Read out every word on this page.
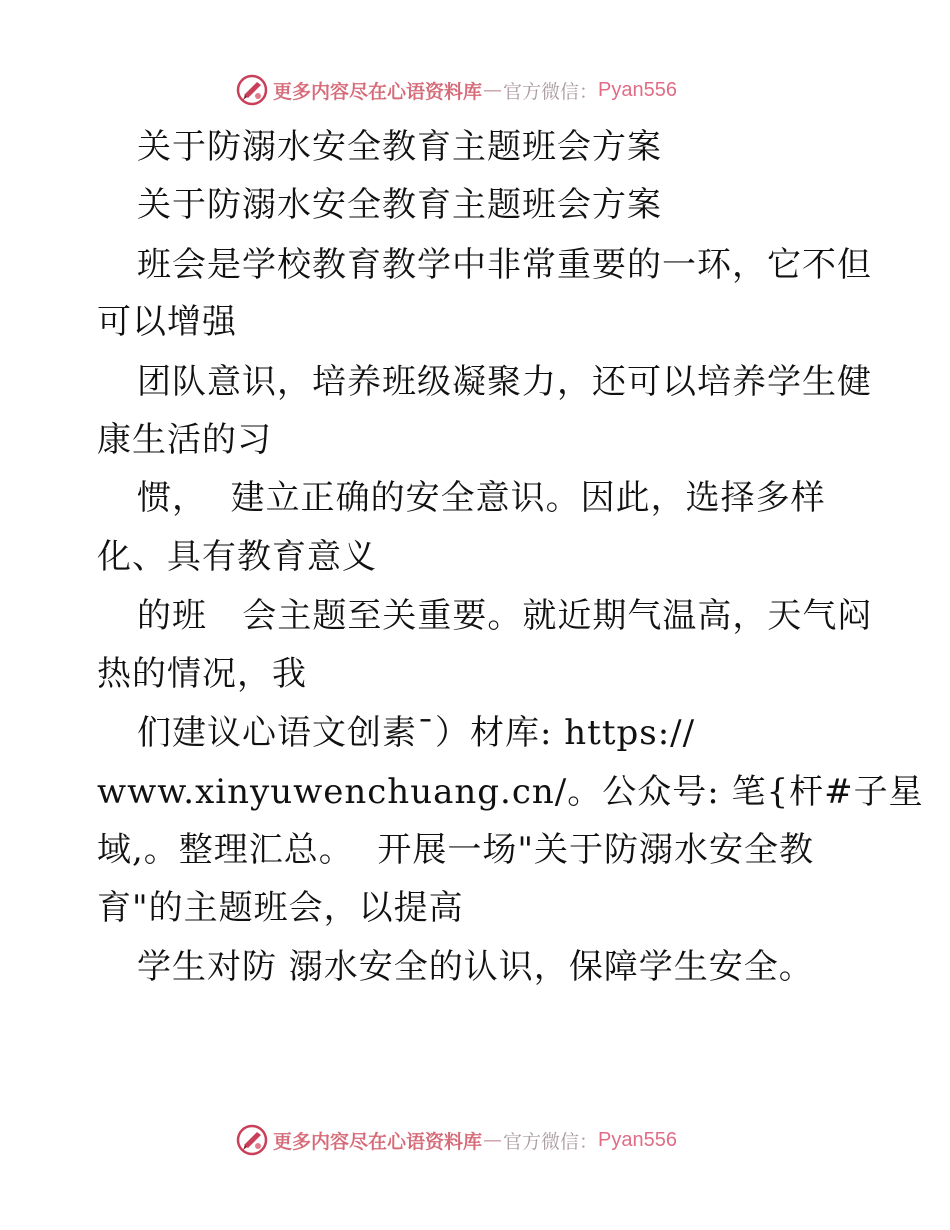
更多内容尽在心语资料库 — 官方微信： Pyan556

关于防溺水安全教育主题班会方案

关于防溺水安全教育主题班会方案

班会是学校教育教学中非常重要的一环，它不但

可以增强

团队意识，培养班级凝聚力，还可以培养学生健

康生活的习

惯，  建立正确的安全意识。因此，选择多样

化、具有教育意义

的班   会主题至关重要。就近期气温高，天气闷

热的情况，我

们建议心语文创素¯）材库: https://

www.xinyuwenchuang.cn/。公众号: 笔{杆#子星

域,。整理汇总。  开展一场"关于防溺水安全教

育"的主题班会，以提高

学生对防 溺水安全的认识，保障学生安全。

更多内容尽在心语资料库 — 官方微信： Pyan556
